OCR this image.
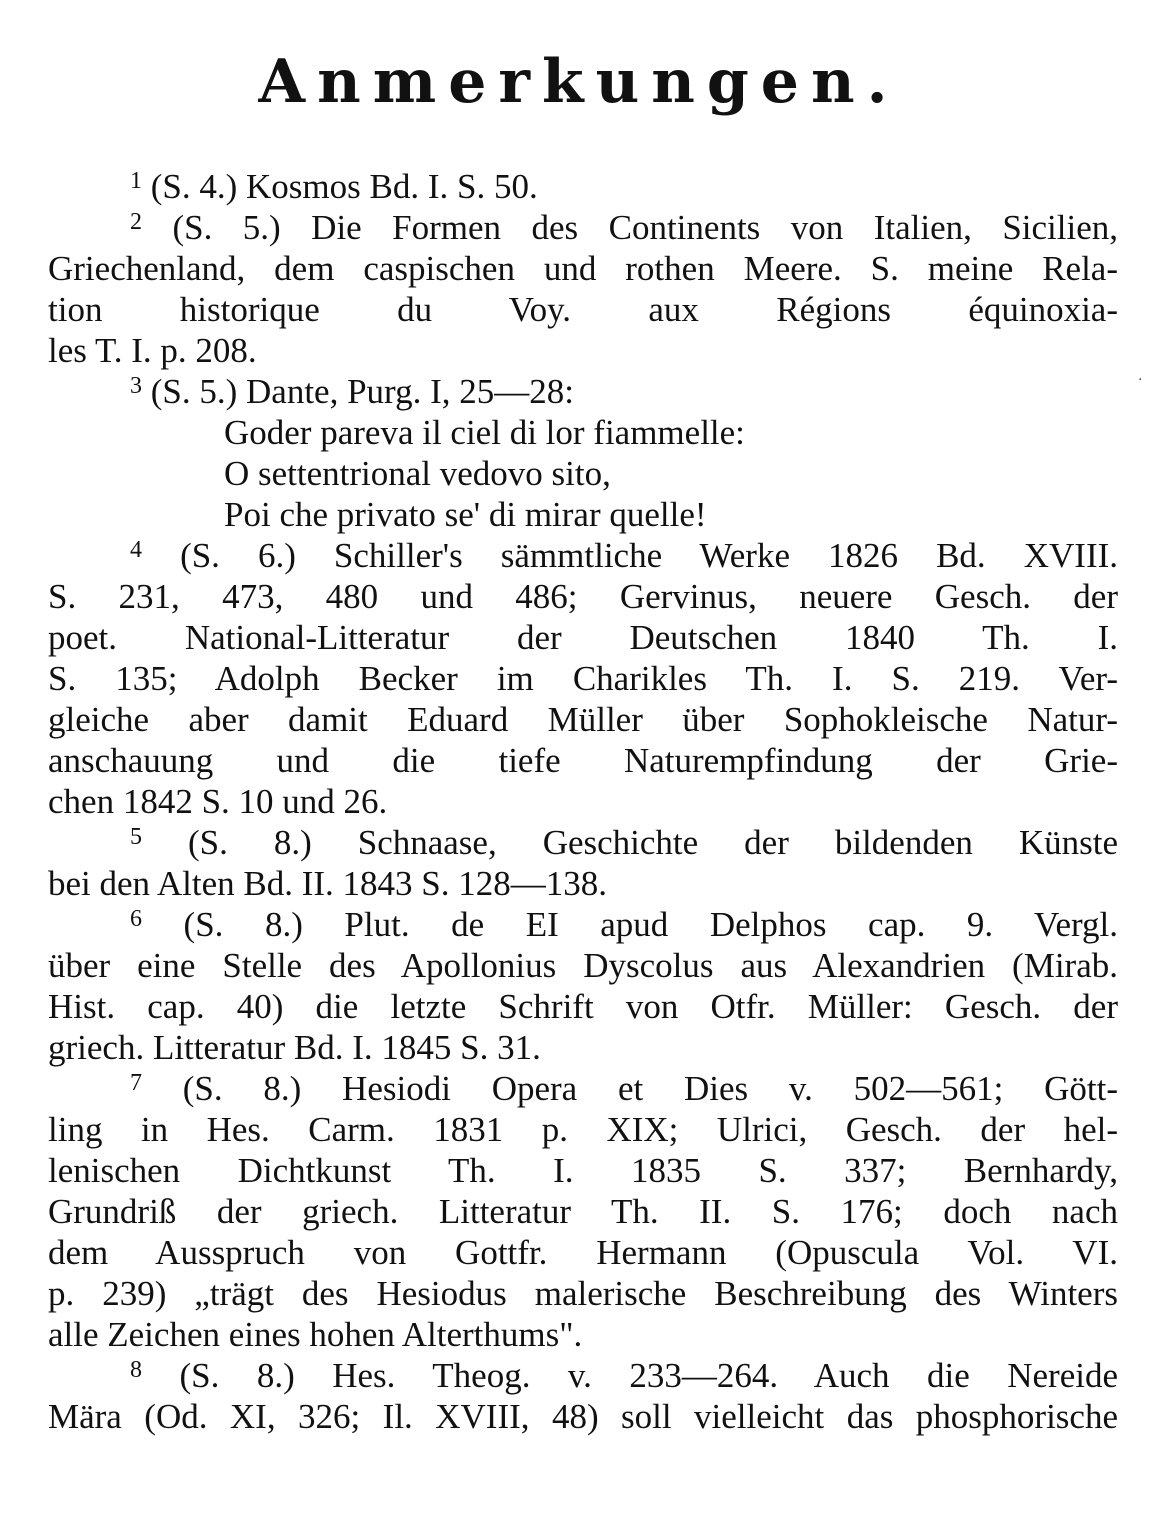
Anmerkungen.
$^1$ (S. 4.) Kosmos Bd. I. S. 50.
$^2$ (S. 5.) Die Formen des Continents von Italien, Sicilien,
Griechenland, dem caspischen und rothen Meere. S. meine Rela-
tion historique du Voy. aux Régions équinoxia-
les T. I. p. 208.
$^3$ (S. 5.) Dante, Purg. I, 25—28:
Goder pareva il ciel di lor fiammelle:
O settentrional vedovo sito,
Poi che privato se' di mirar quelle!
$^4$ (S. 6.) Schiller's sämmtliche Werke 1826 Bd. XVIII.
S. 231, 473, 480 und 486; Gervinus, neuere Gesch. der
poet. National-Litteratur der Deutschen 1840 Th. I.
S. 135; Adolph Becker im Charikles Th. I. S. 219. Ver-
gleiche aber damit Eduard Müller über Sophokleische Natur-
anschauung und die tiefe Naturempfindung der Grie-
chen 1842 S. 10 und 26.
$^5$ (S. 8.) Schnaase, Geschichte der bildenden Künste
bei den Alten Bd. II. 1843 S. 128—138.
$^6$ (S. 8.) Plut. de EI apud Delphos cap. 9. Vergl.
über eine Stelle des Apollonius Dyscolus aus Alexandrien (Mirab.
Hist. cap. 40) die letzte Schrift von Otfr. Müller: Gesch. der
griech. Litteratur Bd. I. 1845 S. 31.
$^7$ (S. 8.) Hesiodi Opera et Dies v. 502—561; Gött-
ling in Hes. Carm. 1831 p. XIX; Ulrici, Gesch. der hel-
lenischen Dichtkunst Th. I. 1835 S. 337; Bernhardy,
Grundriß der griech. Litteratur Th. II. S. 176; doch nach
dem Ausspruch von Gottfr. Hermann (Opuscula Vol. VI.
p. 239) „trägt des Hesiodus malerische Beschreibung des Winters
alle Zeichen eines hohen Alterthums".
$^8$ (S. 8.) Hes. Theog. v. 233—264. Auch die Nereide
Mära (Od. XI, 326; Il. XVIII, 48) soll vielleicht das phosphorische
·
